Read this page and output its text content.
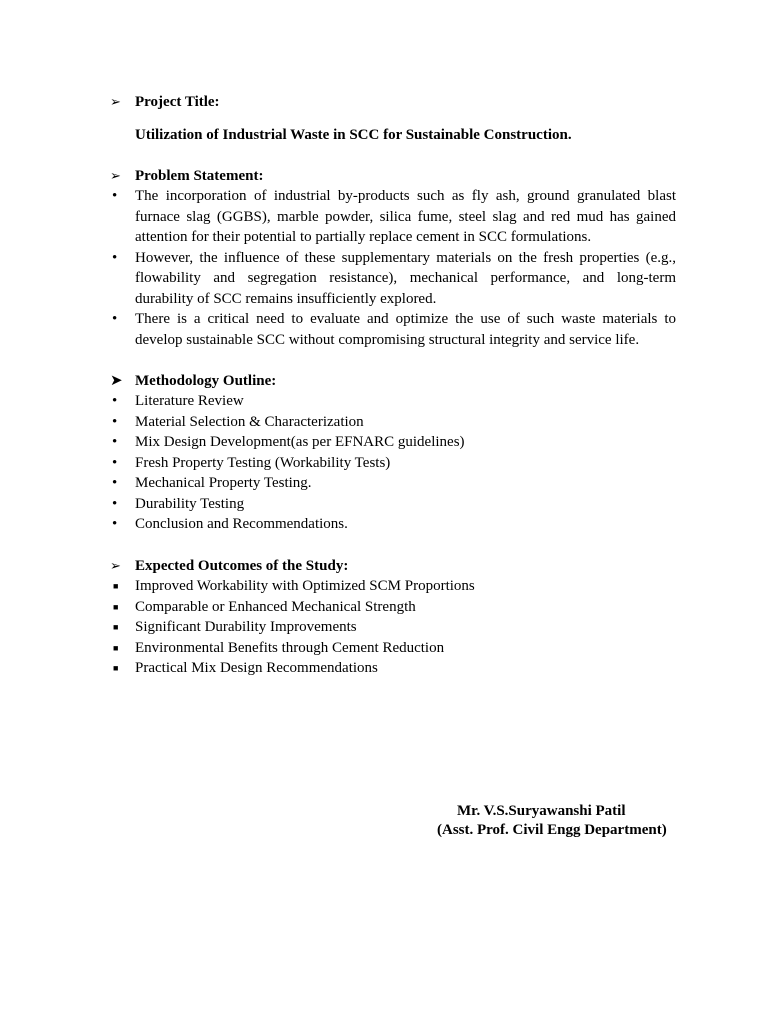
➢ Project Title:
Utilization of Industrial Waste in SCC for Sustainable Construction.
➢ Problem Statement:
•	The incorporation of industrial by-products such as fly ash, ground granulated blast furnace slag (GGBS), marble powder, silica fume, steel slag and red mud has gained attention for their potential to partially replace cement in SCC formulations.
•	However, the influence of these supplementary materials on the fresh properties (e.g., flowability and segregation resistance), mechanical performance, and long-term durability of SCC remains insufficiently explored.
•	There is a critical need to evaluate and optimize the use of such waste materials to develop sustainable SCC without compromising structural integrity and service life.
➤ Methodology Outline:
•	Literature Review
•	Material Selection & Characterization
•	Mix Design Development(as per EFNARC guidelines)
•	Fresh Property Testing (Workability Tests)
•	Mechanical Property Testing.
•	Durability Testing
•	Conclusion and Recommendations.
➢ Expected Outcomes of the Study:
■	Improved Workability with Optimized SCM Proportions
■	Comparable or Enhanced Mechanical Strength
■	Significant Durability Improvements
■	Environmental Benefits through Cement Reduction
■	Practical Mix Design Recommendations
Mr. V.S.Suryawanshi Patil
(Asst. Prof. Civil Engg Department)
